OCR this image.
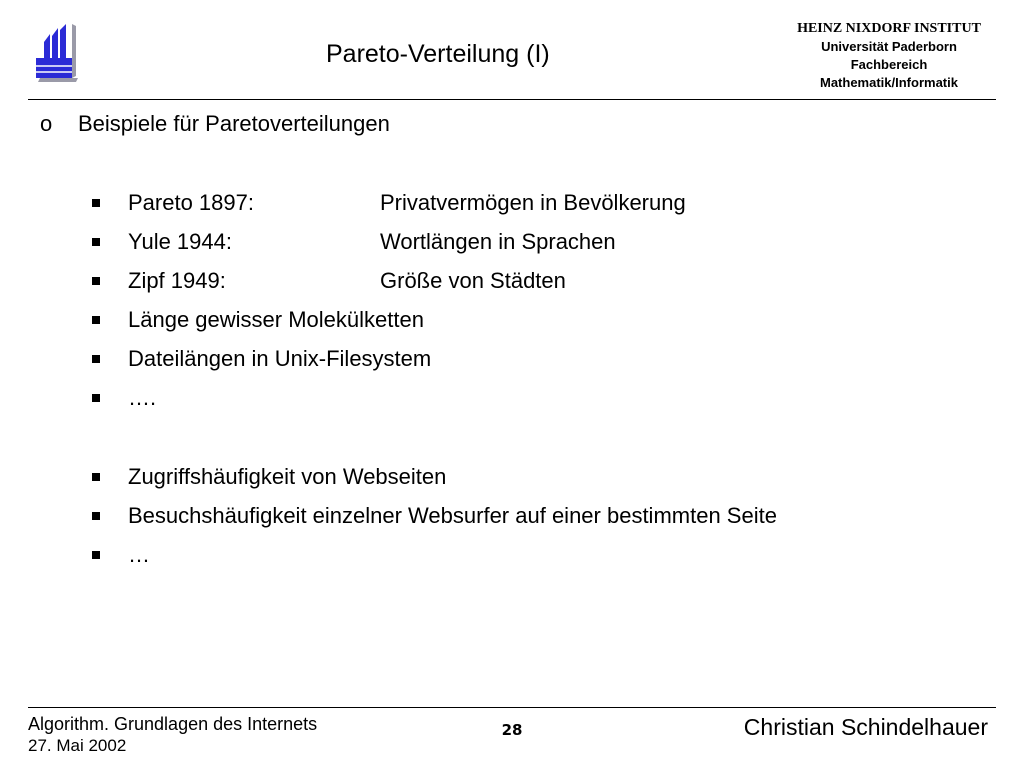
Pareto-Verteilung (I)
HEINZ NIXDORF INSTITUT
Universität Paderborn
Fachbereich
Mathematik/Informatik
o Beispiele für Paretoverteilungen
Pareto 1897:	Privatvermögen in Bevölkerung
Yule 1944:	Wortlängen in Sprachen
Zipf 1949:	Größe von Städten
Länge gewisser Molekülketten
Dateilängen in Unix-Filesystem
….
Zugriffshäufigkeit von Webseiten
Besuchshäufigkeit einzelner Websurfer auf einer bestimmten Seite
…
Algorithm. Grundlagen des Internets
27. Mai 2002
28	Christian Schindelhauer
